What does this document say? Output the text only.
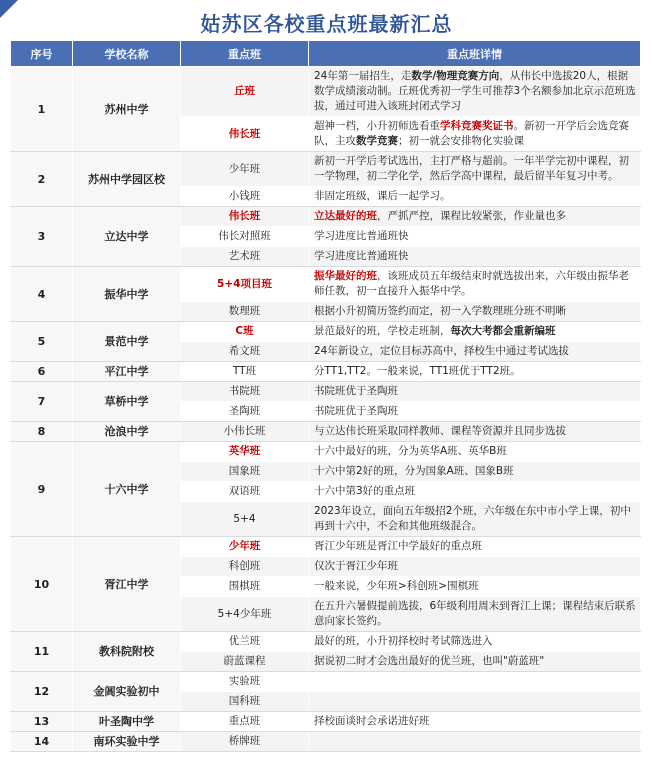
姑苏区各校重点班最新汇总
序号	学校名称	重点班	重点班详情
1	苏州中学	丘班	24年第一届招生，走数学/物理竞赛方向，从伟长中选拔20人，根据数学成绩滚动制。丘班优秀初一学生可推荐3个名额参加北京示范班选拔，通过可进入该班封闭式学习
		伟长班	超神一档，小升初师选看重学科竞赛奖证书。新初一开学后会选竞赛队，主攻数学竞赛；初一就会安排物化实验课
2	苏州中学园区校	少年班	新初一开学后考试选出，主打严格与超前。一年半学完初中课程，初一学物理，初二学化学，然后学高中课程，最后留半年复习中考。
		小钱班	非固定班级，课后一起学习。
3	立达中学	伟长班	立达最好的班，严抓严控，课程比较紧张，作业量也多
		伟长对照班	学习进度比普通班快
		艺术班	学习进度比普通班快
4	振华中学	5+4项目班	振华最好的班，该班成员五年级结束时就选拔出来，六年级由振华老师任教，初一直接升入振华中学。
		数理班	根据小升初简历签约而定，初一入学数理班分班不明晰
5	景范中学	C班	景范最好的班，学校走班制，每次大考都会重新编班
		希文班	24年新设立，定位目标苏高中，择校生中通过考试选拔
6	平江中学	TT班	分TT1,TT2。一般来说，TT1班优于TT2班。
7	草桥中学	书院班	书院班优于圣陶班
		圣陶班	书院班优于圣陶班
8	沧浪中学	小伟长班	与立达伟长班采取同样教师、课程等资源并且同步选拔
9	十六中学	英华班	十六中最好的班，分为英华A班、英华B班
		国象班	十六中第2好的班，分为国象A班、国象B班
		双语班	十六中第3好的重点班
		5+4	2023年设立，面向五年级招2个班，六年级在东中市小学上课，初中再到十六中，不会和其他班级混合。
10	胥江中学	少年班	胥江少年班是胥江中学最好的重点班
		科创班	仅次于胥江少年班
		围棋班	一般来说，少年班>科创班>围棋班
		5+4少年班	在五升六暑假提前选拔，6年级利用周末到胥江上课；课程结束后联系意向家长签约。
11	教科院附校	优兰班	最好的班，小升初择校时考试筛选进入
		蔚蓝课程	据说初二时才会选出最好的优兰班，也叫"蔚蓝班"
12	金阊实验初中	实验班	
		国科班	
13	叶圣陶中学	重点班	择校面谈时会承诺进好班
14	南环实验中学	桥牌班	
